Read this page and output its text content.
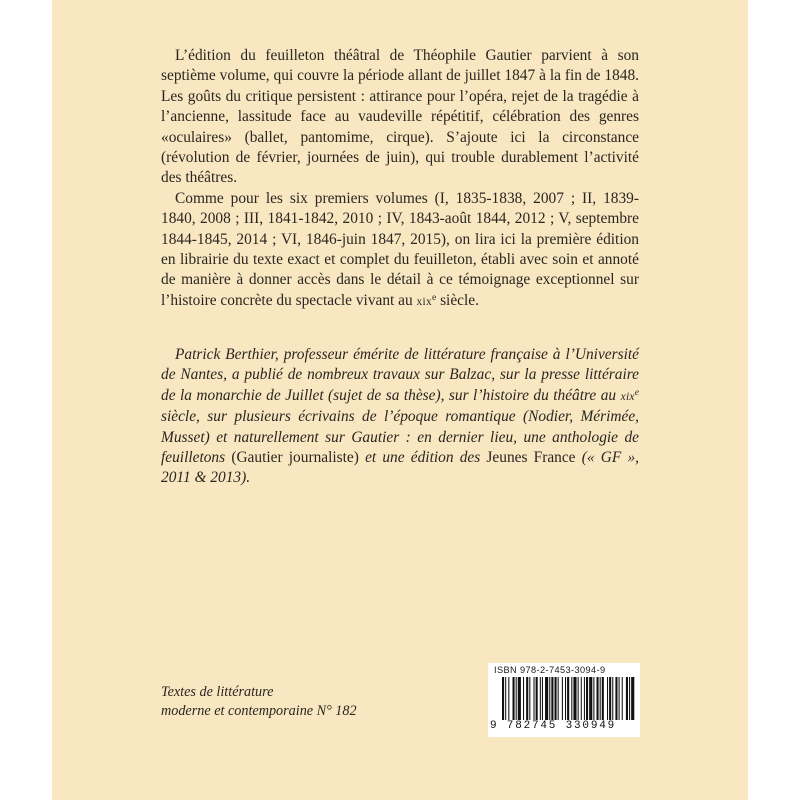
L’édition du feuilleton théâtral de Théophile Gautier parvient à son septième volume, qui couvre la période allant de juillet 1847 à la fin de 1848. Les goûts du critique persistent : attirance pour l’opéra, rejet de la tragédie à l’ancienne, lassitude face au vaudeville répétitif, célébration des genres «oculaires» (ballet, pantomime, cirque). S’ajoute ici la circonstance (révolution de février, journées de juin), qui trouble durablement l’activité des théâtres.

Comme pour les six premiers volumes (I, 1835-1838, 2007 ; II, 1839-1840, 2008 ; III, 1841-1842, 2010 ; IV, 1843-août 1844, 2012 ; V, septembre 1844-1845, 2014 ; VI, 1846-juin 1847, 2015), on lira ici la première édition en librairie du texte exact et complet du feuilleton, établi avec soin et annoté de manière à donner accès dans le détail à ce témoignage exceptionnel sur l’histoire concrète du spectacle vivant au xix$^e$ siècle.

Patrick Berthier, professeur émérite de littérature française à l’Université de Nantes, a publié de nombreux travaux sur Balzac, sur la presse littéraire de la monarchie de Juillet (sujet de sa thèse), sur l’histoire du théâtre au xix$^e$ siècle, sur plusieurs écrivains de l’époque romantique (Nodier, Mérimée, Musset) et naturellement sur Gautier : en dernier lieu, une anthologie de feuilletons (Gautier journaliste) et une édition des Jeunes France (« GF », 2011 & 2013).

Textes de littérature
moderne et contemporaine N° 182
ISBN 978-2-7453-3094-9
9 782745 330949
